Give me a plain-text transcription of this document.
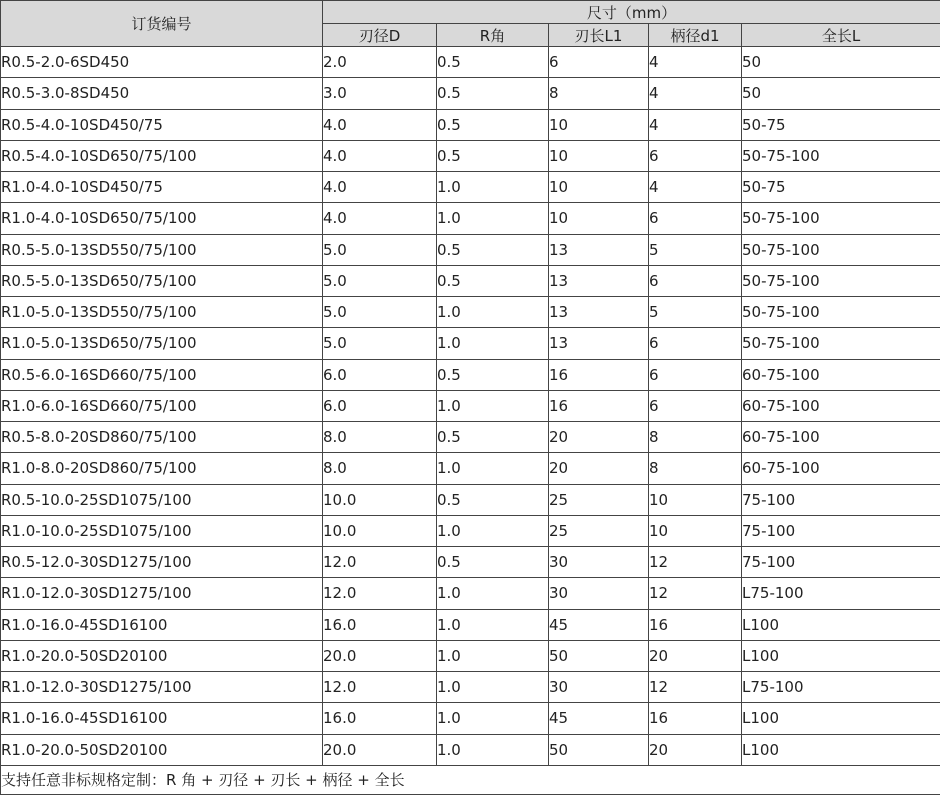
订货编号	尺寸（mm）				
	刃径D	R角	刃长L1	柄径d1	全长L
R0.5-2.0-6SD450	2.0	0.5	6	4	50
R0.5-3.0-8SD450	3.0	0.5	8	4	50
R0.5-4.0-10SD450/75	4.0	0.5	10	4	50-75
R0.5-4.0-10SD650/75/100	4.0	0.5	10	6	50-75-100
R1.0-4.0-10SD450/75	4.0	1.0	10	4	50-75
R1.0-4.0-10SD650/75/100	4.0	1.0	10	6	50-75-100
R0.5-5.0-13SD550/75/100	5.0	0.5	13	5	50-75-100
R0.5-5.0-13SD650/75/100	5.0	0.5	13	6	50-75-100
R1.0-5.0-13SD550/75/100	5.0	1.0	13	5	50-75-100
R1.0-5.0-13SD650/75/100	5.0	1.0	13	6	50-75-100
R0.5-6.0-16SD660/75/100	6.0	0.5	16	6	60-75-100
R1.0-6.0-16SD660/75/100	6.0	1.0	16	6	60-75-100
R0.5-8.0-20SD860/75/100	8.0	0.5	20	8	60-75-100
R1.0-8.0-20SD860/75/100	8.0	1.0	20	8	60-75-100
R0.5-10.0-25SD1075/100	10.0	0.5	25	10	75-100
R1.0-10.0-25SD1075/100	10.0	1.0	25	10	75-100
R0.5-12.0-30SD1275/100	12.0	0.5	30	12	75-100
R1.0-12.0-30SD1275/100	12.0	1.0	30	12	L75-100
R1.0-16.0-45SD16100	16.0	1.0	45	16	L100
R1.0-20.0-50SD20100	20.0	1.0	50	20	L100
R1.0-12.0-30SD1275/100	12.0	1.0	30	12	L75-100
R1.0-16.0-45SD16100	16.0	1.0	45	16	L100
R1.0-20.0-50SD20100	20.0	1.0	50	20	L100
支持任意非标规格定制：R 角 + 刃径 + 刃长 + 柄径 + 全长					
